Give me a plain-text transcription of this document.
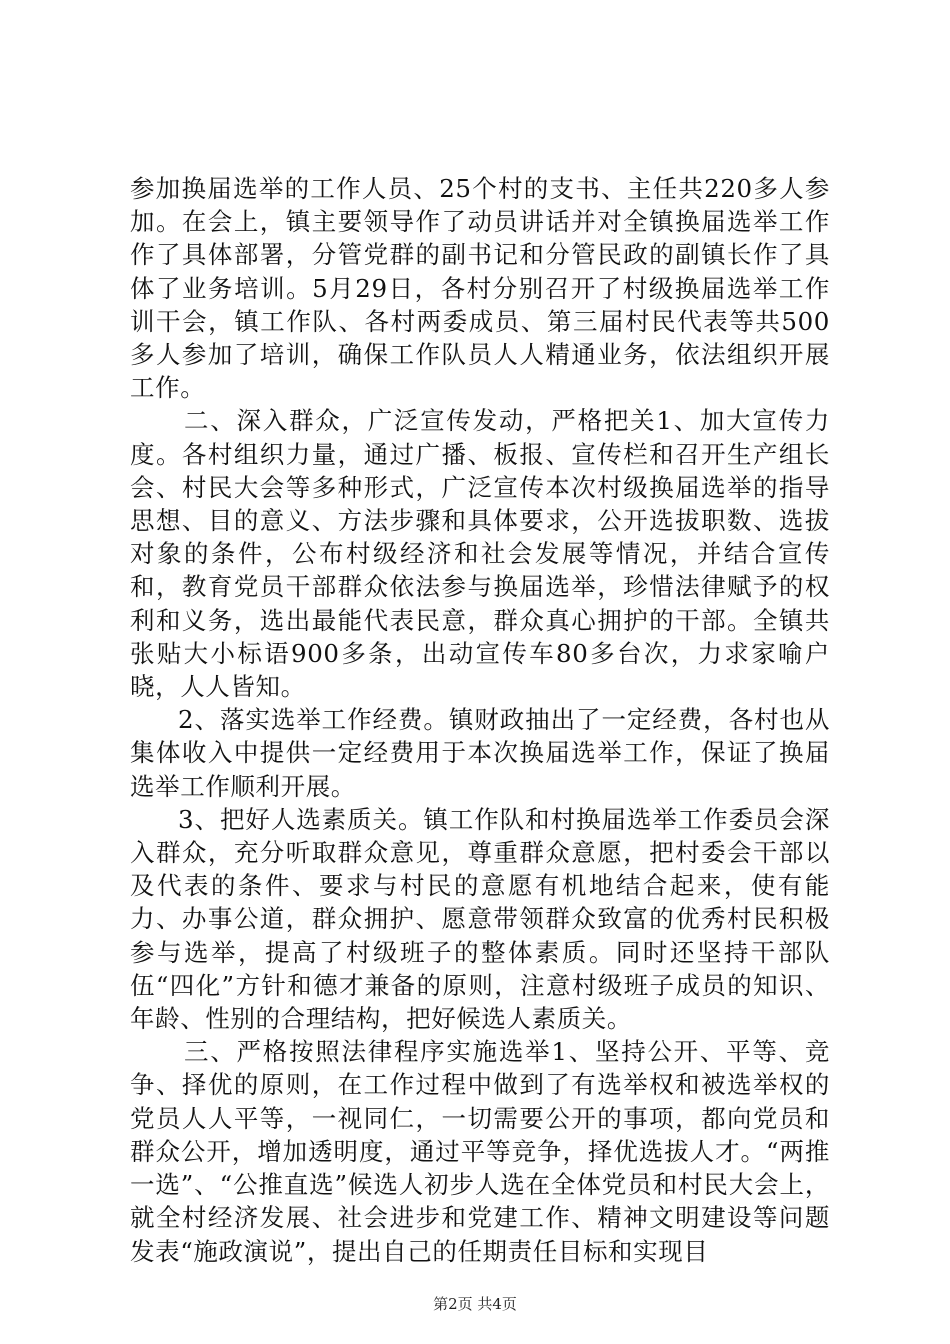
参加换届选举的工作人员、25个村的支书、主任共220多人参加。在会上，镇主要领导作了动员讲话并对全镇换届选举工作作了具体部署，分管党群的副书记和分管民政的副镇长作了具体了业务培训。5月29日，各村分别召开了村级换届选举工作训干会，镇工作队、各村两委成员、第三届村民代表等共500多人参加了培训，确保工作队员人人精通业务，依法组织开展工作。

二、深入群众，广泛宣传发动，严格把关1、加大宣传力度。各村组织力量，通过广播、板报、宣传栏和召开生产组长会、村民大会等多种形式，广泛宣传本次村级换届选举的指导思想、目的意义、方法步骤和具体要求，公开选拔职数、选拔对象的条件，公布村级经济和社会发展等情况，并结合宣传和，教育党员干部群众依法参与换届选举，珍惜法律赋予的权利和义务，选出最能代表民意，群众真心拥护的干部。全镇共张贴大小标语900多条，出动宣传车80多台次，力求家喻户晓，人人皆知。

2、落实选举工作经费。镇财政抽出了一定经费，各村也从集体收入中提供一定经费用于本次换届选举工作，保证了换届选举工作顺利开展。

3、把好人选素质关。镇工作队和村换届选举工作委员会深入群众，充分听取群众意见，尊重群众意愿，把村委会干部以及代表的条件、要求与村民的意愿有机地结合起来，使有能力、办事公道，群众拥护、愿意带领群众致富的优秀村民积极参与选举，提高了村级班子的整体素质。同时还坚持干部队伍“四化”方针和德才兼备的原则，注意村级班子成员的知识、年龄、性别的合理结构，把好候选人素质关。

三、严格按照法律程序实施选举1、坚持公开、平等、竞争、择优的原则，在工作过程中做到了有选举权和被选举权的党员人人平等，一视同仁，一切需要公开的事项，都向党员和群众公开，增加透明度，通过平等竞争，择优选拔人才。“两推一选”、“公推直选”候选人初步人选在全体党员和村民大会上，就全村经济发展、社会进步和党建工作、精神文明建设等问题发表“施政演说”，提出自己的任期责任目标和实现目

第2页 共4页
